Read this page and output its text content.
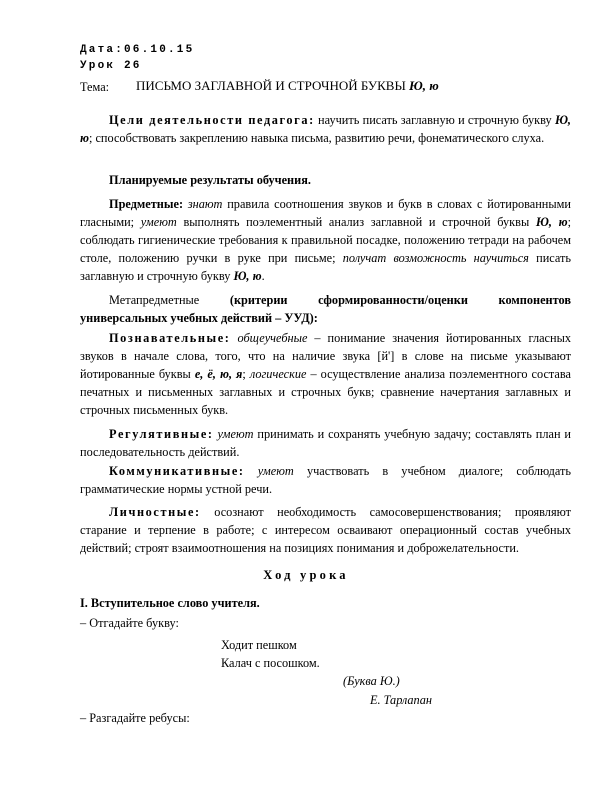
Дата:06.10.15
Урок 26
Тема: ПИСЬМО ЗАГЛАВНОЙ И СТРОЧНОЙ БУКВЫ Ю, ю
Цели деятельности педагога: научить писать заглавную и строчную букву Ю, ю; способствовать закреплению навыка письма, развитию речи, фонематического слуха.
Планируемые результаты обучения.
Предметные: знают правила соотношения звуков и букв в словах с йотированными гласными; умеют выполнять поэлементный анализ заглавной и строчной буквы Ю, ю; соблюдать гигиенические требования к правильной посадке, положению тетради на рабочем столе, положению ручки в руке при письме; получат возможность научиться писать заглавную и строчную букву Ю, ю.
Метапредметные (критерии сформированности/оценки компонентов универсальных учебных действий – УУД):
Познавательные: общеучебные – понимание значения йотированных гласных звуков в начале слова, того, что на наличие звука [й'] в слове на письме указывают йотированные буквы е, ё, ю, я; логические – осуществление анализа поэлементного состава печатных и письменных заглавных и строчных букв; сравнение начертания заглавных и строчных письменных букв.
Регулятивные: умеют принимать и сохранять учебную задачу; составлять план и последовательность действий.
Коммуникативные: умеют участвовать в учебном диалоге; соблюдать грамматические нормы устной речи.
Личностные: осознают необходимость самосовершенствования; проявляют старание и терпение в работе; с интересом осваивают операционный состав учебных действий; строят взаимоотношения на позициях понимания и доброжелательности.
Ход урока
I. Вступительное слово учителя.
– Отгадайте букву:
Ходит пешком
Калач с посошком.
(Буква Ю.)
Е. Тарлапан
– Разгадайте ребусы:
